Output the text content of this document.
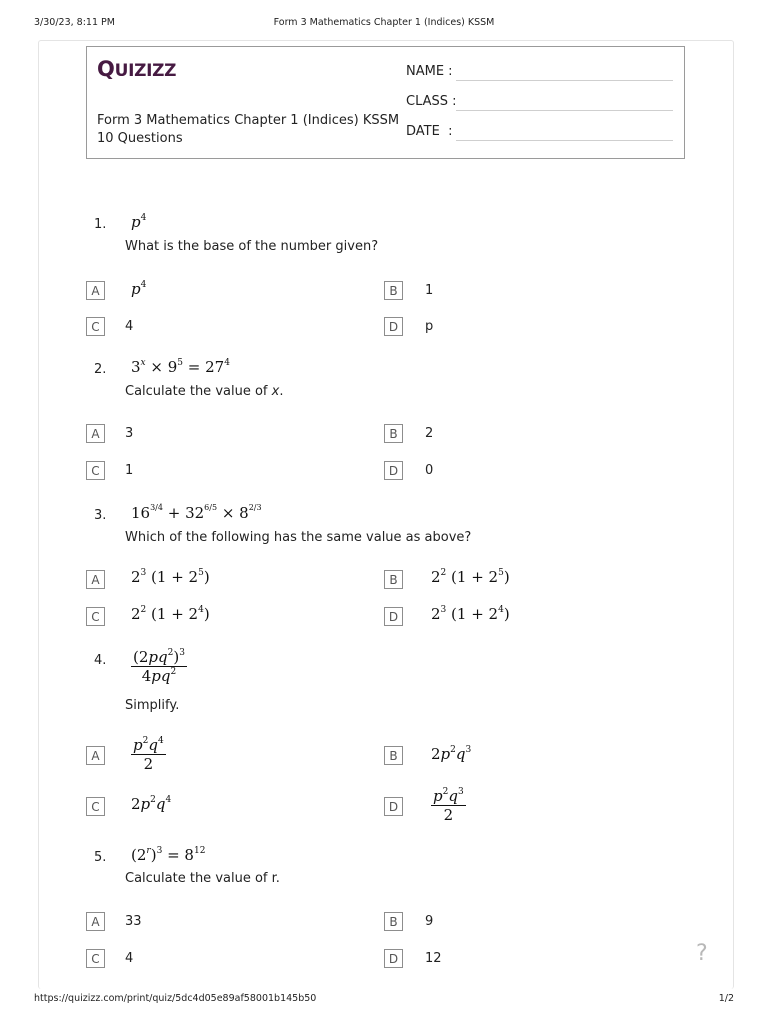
3/30/23, 8:11 PM	Form 3 Mathematics Chapter 1 (Indices) KSSM
QUIZIZZ
Form 3 Mathematics Chapter 1 (Indices) KSSM
10 Questions
NAME :
CLASS :
DATE  :
1. $p^4$
What is the base of the number given?
A	$p^4$	B	1
C	4	D	p
2. $3^x \times 9^5 = 27^4$
Calculate the value of x.
A	3	B	2
C	1	D	0
3. $16^{3/4} + 32^{6/5} \times 8^{2/3}$
Which of the following has the same value as above?
A	$2^3$ $(1 + 2^5)$	B	$2^2$ $(1 + 2^5)$
C	$2^2$ $(1 + 2^4)$	D	$2^3$ $(1 + 2^4)$
4. $\frac{(2pq^2)^3}{4pq^2}$
Simplify.
A	$\frac{p^2q^4}{2}$	B	$2p^2q^3$
C	$2p^2q^4$	D	$\frac{p^2q^3}{2}$
5. $(2^r)^3 = 8^{12}$
Calculate the value of r.
A	33	B	9
C	4	D	12	?
https://quizizz.com/print/quiz/5dc4d05e89af58001b145b50	1/2
